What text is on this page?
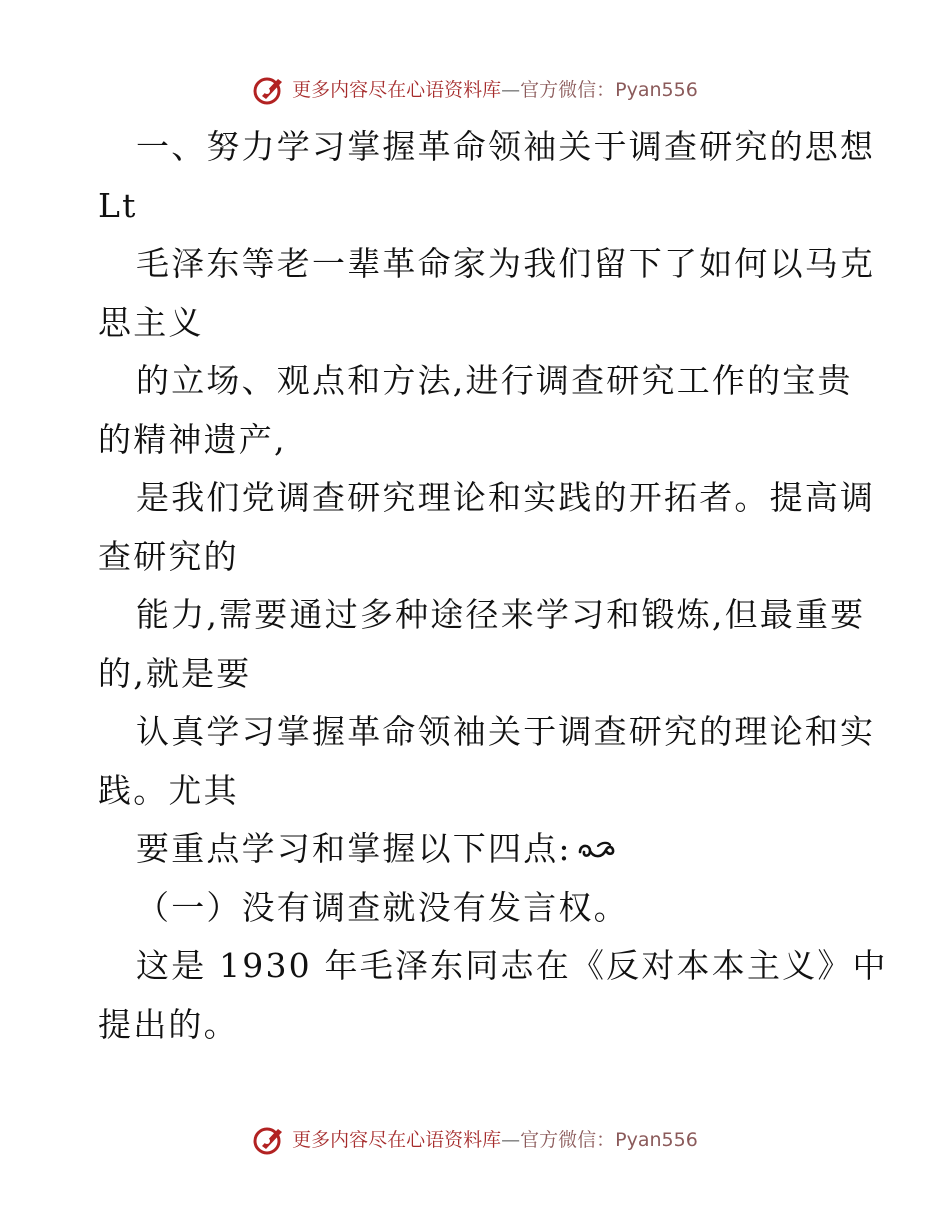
更多内容尽在心语资料库 — 官方微信：Pyan556
一、努力学习掌握革命领袖关于调查研究的思想
Lt
毛泽东等老一辈革命家为我们留下了如何以马克
思主义
的立场、观点和方法,进行调查研究工作的宝贵
的精神遗产,
是我们党调查研究理论和实践的开拓者。提高调
查研究的
能力,需要通过多种途径来学习和锻炼,但最重要
的,就是要
认真学习掌握革命领袖关于调查研究的理论和实
践。尤其
要重点学习和掌握以下四点:
（一）没有调查就没有发言权。
这是 1930 年毛泽东同志在《反对本本主义》中
提出的。
更多内容尽在心语资料库 — 官方微信：Pyan556
